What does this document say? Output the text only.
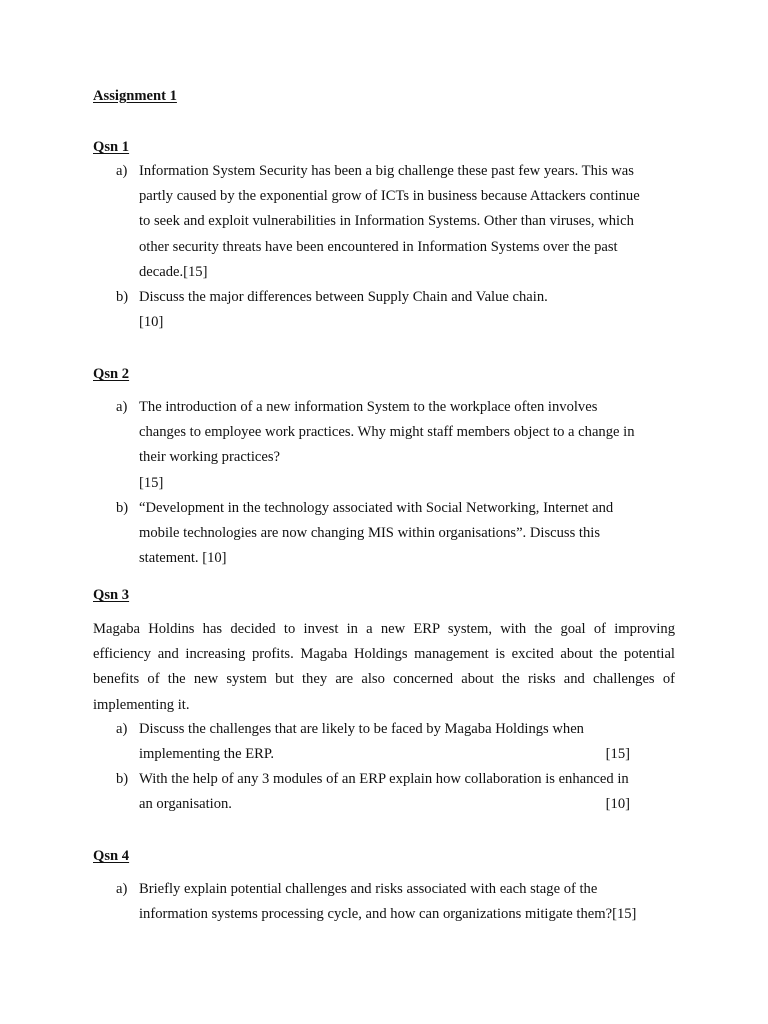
Assignment 1
Qsn 1
a) Information System Security has been a big challenge these past few years. This was
partly caused by the exponential grow of ICTs in business because Attackers continue
to seek and exploit vulnerabilities in Information Systems. Other than viruses, which
other security threats have been encountered in Information Systems over the past
decade.[15]
b) Discuss the major differences between Supply Chain and Value chain.
[10]
Qsn 2
a) The introduction of a new information System to the workplace often involves
changes to employee work practices. Why might staff members object to a change in
their working practices?
[15]
b) “Development in the technology associated with Social Networking, Internet and
mobile technologies are now changing MIS within organisations”. Discuss this
statement. [10]
Qsn 3
Magaba Holdins has decided to invest in a new ERP system, with the goal of improving
efficiency and increasing profits. Magaba Holdings management is excited about the potential
benefits of the new system but they are also concerned about the risks and challenges of
implementing it.
a) Discuss the challenges that are likely to be faced by Magaba Holdings when
implementing the ERP.	[15]
b) With the help of any 3 modules of an ERP explain how collaboration is enhanced in
an organisation.	[10]
Qsn 4
a) Briefly explain potential challenges and risks associated with each stage of the
information systems processing cycle, and how can organizations mitigate them?[15]
